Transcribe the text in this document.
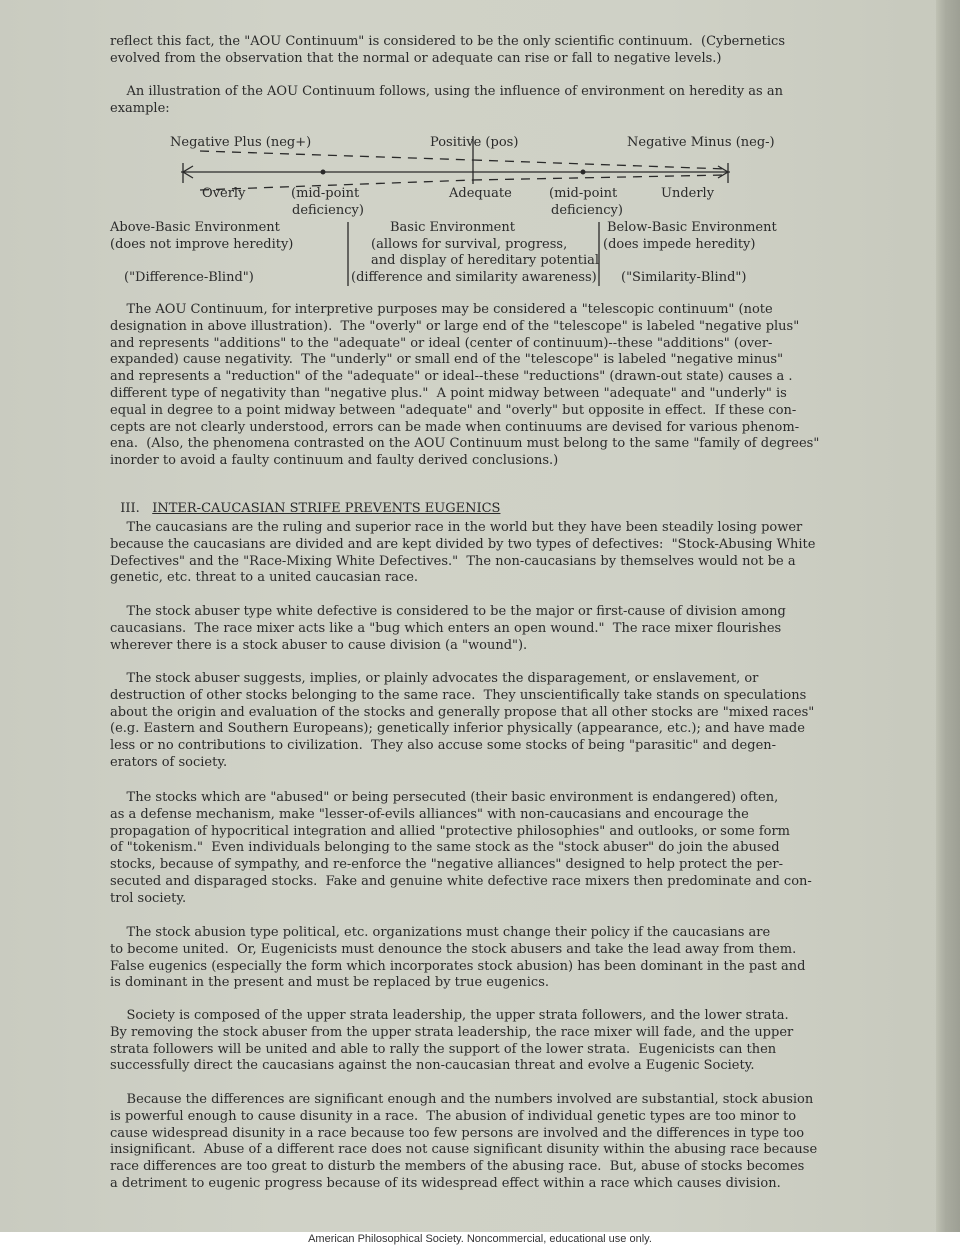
reflect this fact, the "AOU Continuum" is considered to be the only scientific continuum.  (Cybernetics
evolved from the observation that the normal or adequate can rise or fall to negative levels.)
An illustration of the AOU Continuum follows, using the influence of environment on heredity as an
example:
Negative Plus (neg+)	Positive (pos)	Negative Minus (neg-)
Overly	(mid-point
deficiency)
Adequate	(mid-point
deficiency)
Underly
Above-Basic Environment
(does not improve heredity)
("Difference-Blind")
Basic Environment
(allows for survival, progress,
and display of hereditary potential
(difference and similarity awareness)
Below-Basic Environment
(does impede heredity)
("Similarity-Blind")
The AOU Continuum, for interpretive purposes may be considered a "telescopic continuum" (note
designation in above illustration).  The "overly" or large end of the "telescope" is labeled "negative plus"
and represents "additions" to the "adequate" or ideal (center of continuum)--these "additions" (over-
expanded) cause negativity.  The "underly" or small end of the "telescope" is labeled "negative minus"
and represents a "reduction" of the "adequate" or ideal--these "reductions" (drawn-out state) causes a .
different type of negativity than "negative plus."  A point midway between "adequate" and "underly" is
equal in degree to a point midway between "adequate" and "overly" but opposite in effect.  If these con-
cepts are not clearly understood, errors can be made when continuums are devised for various phenom-
ena.  (Also, the phenomena contrasted on the AOU Continuum must belong to the same "family of degrees"
inorder to avoid a faulty continuum and faulty derived conclusions.)

III. INTER-CAUCASIAN STRIFE PREVENTS EUGENICS

The caucasians are the ruling and superior race in the world but they have been steadily losing power
because the caucasians are divided and are kept divided by two types of defectives:  "Stock-Abusing White
Defectives" and the "Race-Mixing White Defectives."  The non-caucasians by themselves would not be a
genetic, etc. threat to a united caucasian race.
The stock abuser type white defective is considered to be the major or first-cause of division among
caucasians.  The race mixer acts like a "bug which enters an open wound."  The race mixer flourishes
wherever there is a stock abuser to cause division (a "wound").
The stock abuser suggests, implies, or plainly advocates the disparagement, or enslavement, or
destruction of other stocks belonging to the same race.  They unscientifically take stands on speculations
about the origin and evaluation of the stocks and generally propose that all other stocks are "mixed races"
(e.g. Eastern and Southern Europeans); genetically inferior physically (appearance, etc.); and have made
less or no contributions to civilization.  They also accuse some stocks of being "parasitic" and degen-
erators of society.
The stocks which are "abused" or being persecuted (their basic environment is endangered) often,
as a defense mechanism, make "lesser-of-evils alliances" with non-caucasians and encourage the
propagation of hypocritical integration and allied "protective philosophies" and outlooks, or some form
of "tokenism."  Even individuals belonging to the same stock as the "stock abuser" do join the abused
stocks, because of sympathy, and re-enforce the "negative alliances" designed to help protect the per-
secuted and disparaged stocks.  Fake and genuine white defective race mixers then predominate and con-
trol society.
The stock abusion type political, etc. organizations must change their policy if the caucasians are
to become united.  Or, Eugenicists must denounce the stock abusers and take the lead away from them.
False eugenics (especially the form which incorporates stock abusion) has been dominant in the past and
is dominant in the present and must be replaced by true eugenics.
Society is composed of the upper strata leadership, the upper strata followers, and the lower strata.
By removing the stock abuser from the upper strata leadership, the race mixer will fade, and the upper
strata followers will be united and able to rally the support of the lower strata.  Eugenicists can then
successfully direct the caucasians against the non-caucasian threat and evolve a Eugenic Society.
Because the differences are significant enough and the numbers involved are substantial, stock abusion
is powerful enough to cause disunity in a race.  The abusion of individual genetic types are too minor to
cause widespread disunity in a race because too few persons are involved and the differences in type too
insignificant.  Abuse of a different race does not cause significant disunity within the abusing race because
race differences are too great to disturb the members of the abusing race.  But, abuse of stocks becomes
a detriment to eugenic progress because of its widespread effect within a race which causes division.
American Philosophical Society. Noncommercial, educational use only.
